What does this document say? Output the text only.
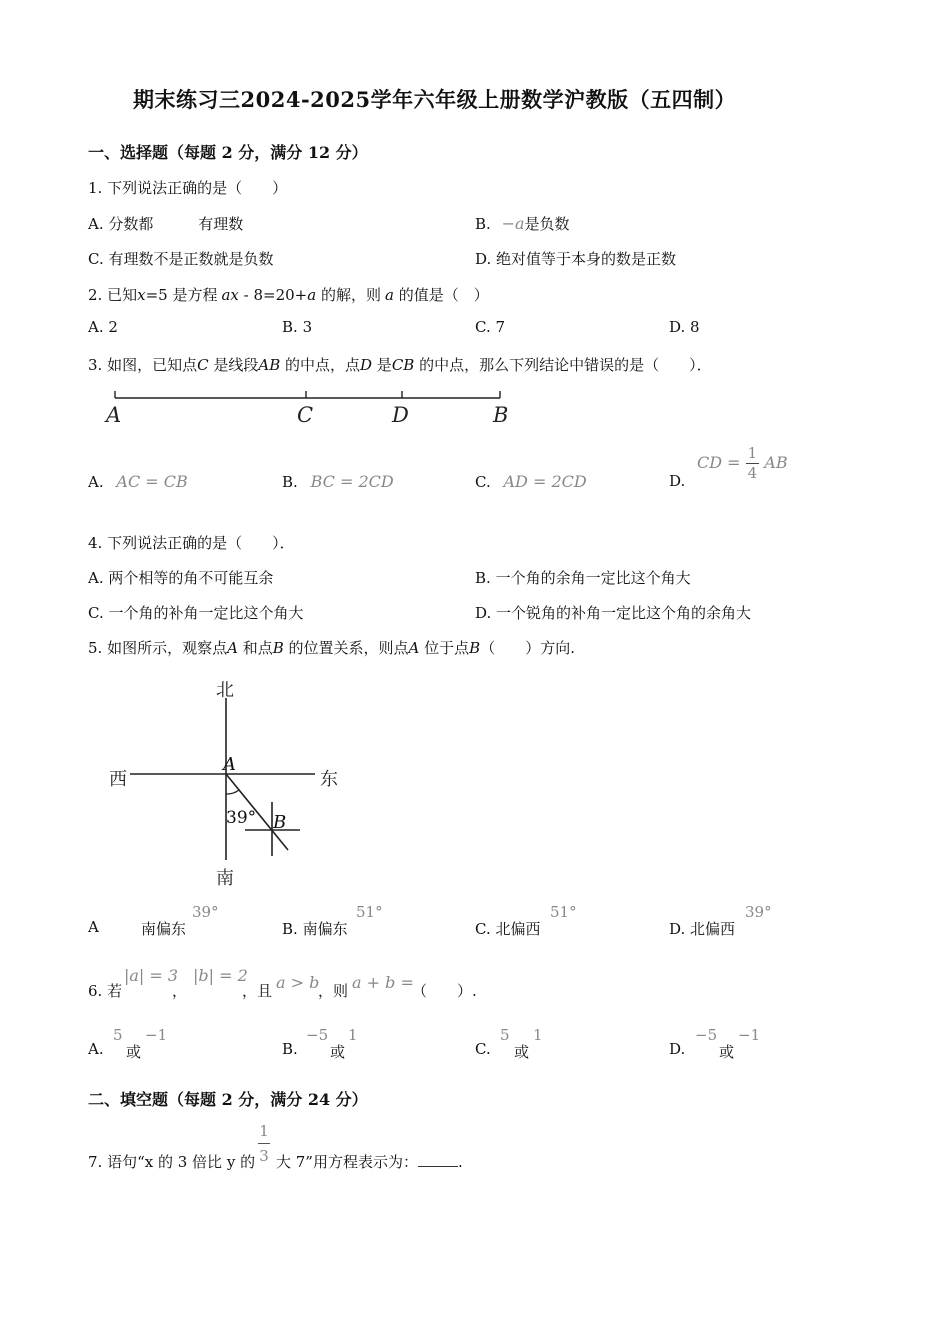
期末练习三2024-2025学年六年级上册数学沪教版（五四制）
一、选择题（每题 2 分，满分 12 分）
1. 下列说法正确的是（　　）
A. 分数都	有理数	B. −a是负数
C. 有理数不是正数就是负数	D. 绝对值等于本身的数是正数
2. 已知x=5 是方程 ax - 8=20+a 的解，则 a 的值是（　）
A. 2	B. 3	C. 7	D. 8
3. 如图，已知点C 是线段AB 的中点，点D 是CB 的中点，那么下列结论中错误的是（　　）．
A	C	D	B
A. AC = CB	B. BC = 2CD	C. AD = 2CD	D.
CD = $\frac{1}{4}$ AB
4. 下列说法正确的是（　　）．
A. 两个相等的角不可能互余	B. 一个角的余角一定比这个角大
C. 一个角的补角一定比这个角大	D. 一个锐角的补角一定比这个角的余角大
5. 如图所示，观察点A 和点B 的位置关系，则点A 位于点B（　　）方向.
北
南
西	东
A
B
39°
A	南偏东
39°
B. 南偏东
51°
C. 北偏西
51°
D. 北偏西
39°
6. 若
|a| = 3
，
|b| = 2
，且 a > b
，则 a + b =
（　　）.
A.
5
或
−1
B.
−5
或
1
C.
5
或
1
D.
−5
或
−1
二、填空题（每题 2 分，满分 24 分）
7. 语句“x 的 3 倍比 y 的 $\frac{1}{3}$ 大 7”用方程表示为：	.
